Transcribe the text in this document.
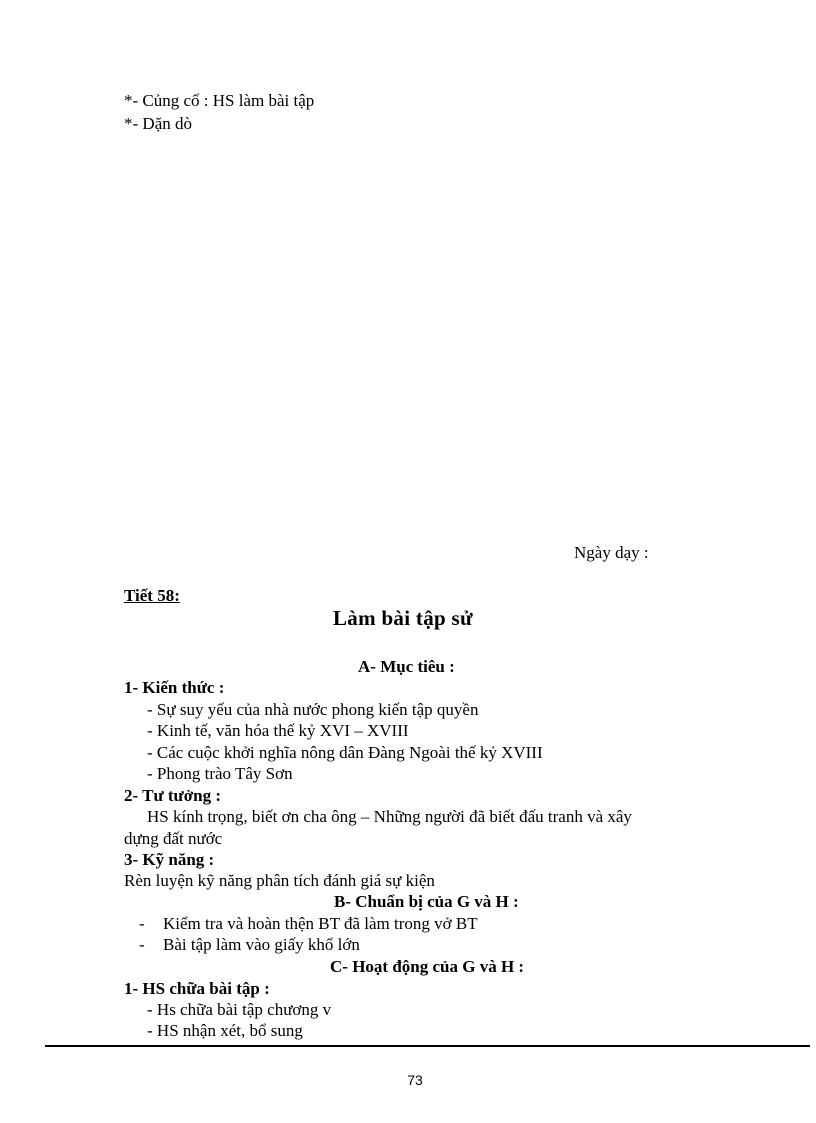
*- Củng cố : HS làm bài tập
*- Dặn dò
Ngày dạy :
Tiết 58:
Làm bài tập sử
A- Mục tiêu :
1- Kiến thức :
- Sự suy yếu của nhà nước phong kiến tập quyền
- Kinh tế, văn hóa thế kỷ XVI – XVIII
- Các cuộc khởi nghĩa nông dân Đàng Ngoài thế kỷ XVIII
- Phong trào Tây Sơn
2- Tư tưởng :
HS kính trọng, biết ơn cha ông – Những người đã biết đấu tranh và xây
dựng đất nước
3- Kỹ năng :
Rèn luyện kỹ năng phân tích đánh giá sự kiện
B- Chuẩn bị của G và H :
- Kiểm tra và hoàn thện BT đã làm trong vở BT
- Bài tập làm vào giấy khổ lớn
C- Hoạt động của G và H :
1- HS chữa bài tập :
- Hs chữa bài tập chương v
- HS nhận xét, bổ sung
73
